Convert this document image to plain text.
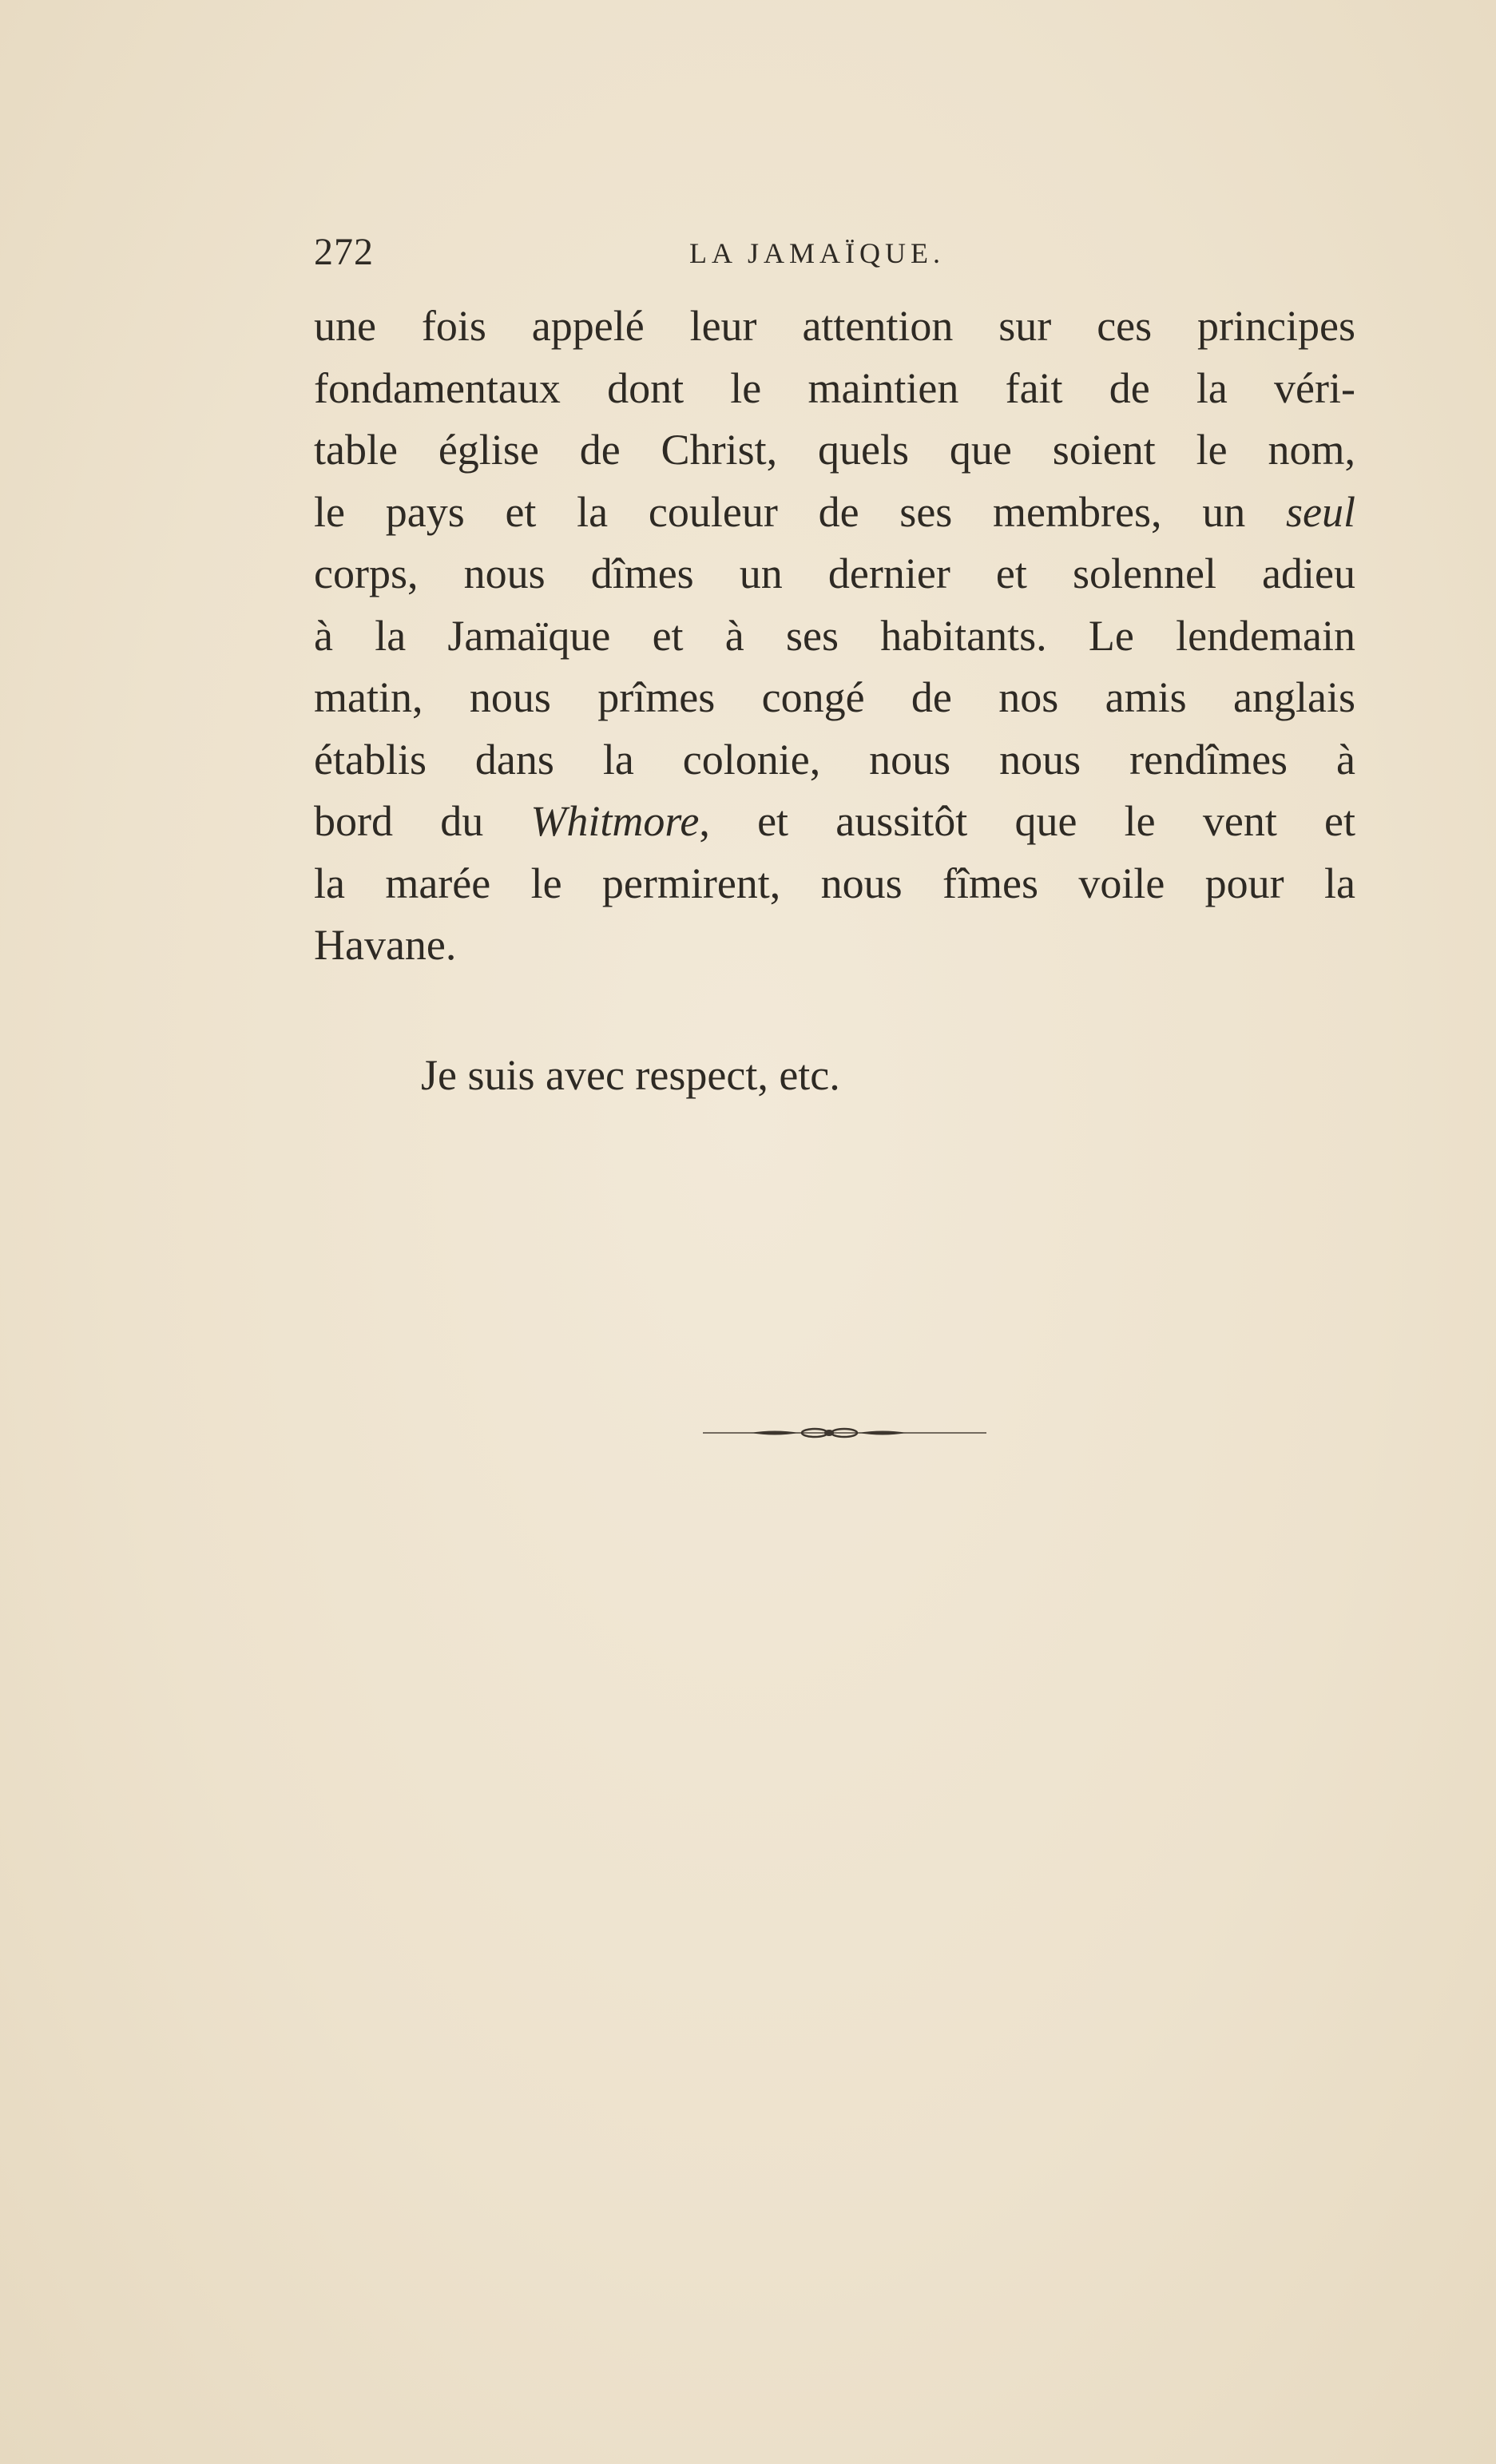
272	LA JAMAÏQUE.
une fois appelé leur attention sur ces principes
fondamentaux dont le maintien fait de la véri-
table église de Christ, quels que soient le nom,
le pays et la couleur de ses membres, un seul
corps, nous dîmes un dernier et solennel adieu
à la Jamaïque et à ses habitants. Le lendemain
matin, nous prîmes congé de nos amis anglais
établis dans la colonie, nous nous rendîmes à
bord du Whitmore, et aussitôt que le vent et
la marée le permirent, nous fîmes voile pour la
Havane.
Je suis avec respect, etc.
